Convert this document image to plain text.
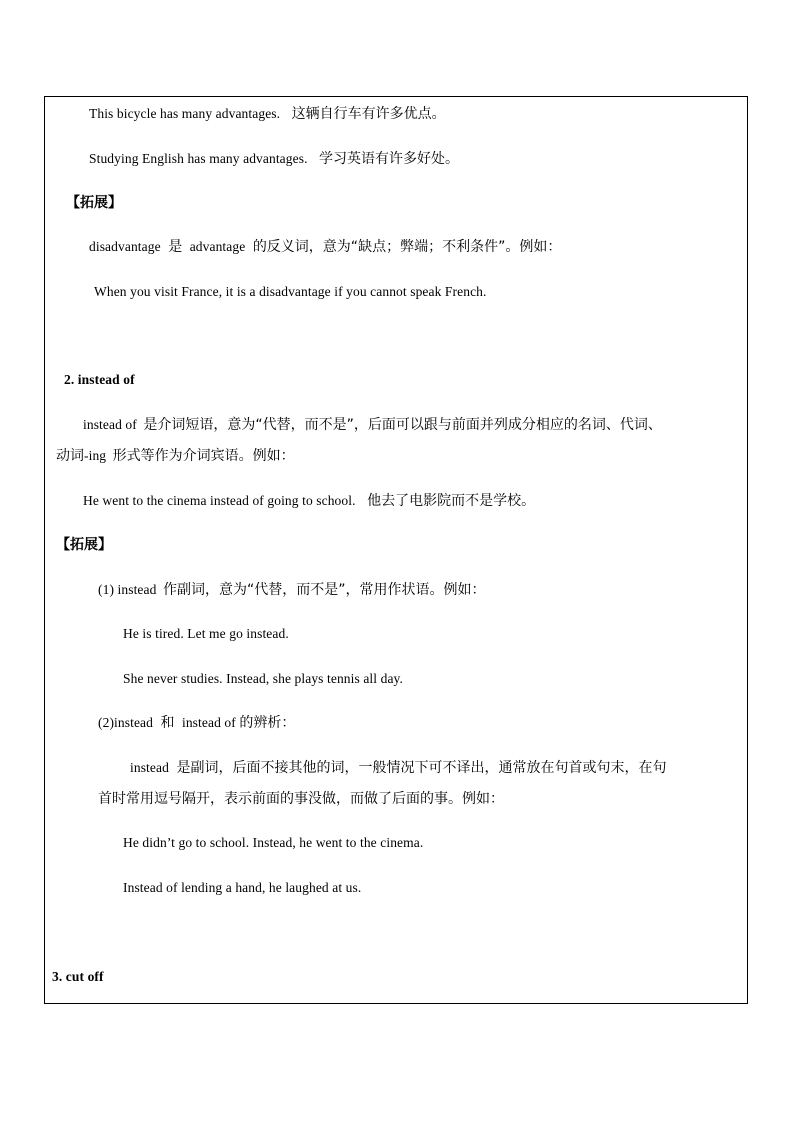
This bicycle has many advantages. 这辆自行车有许多优点。
Studying English has many advantages. 学习英语有许多好处。
【拓展】
disadvantage 是 advantage 的反义词，意为“缺点；弊端；不利条件”。例如：
When you visit France, it is a disadvantage if you cannot speak French.
2. instead of
instead of 是介词短语，意为“代替，而不是”，后面可以跟与前面并列成分相应的名词、代词、
动词-ing 形式等作为介词宾语。例如：
He went to the cinema instead of going to school. 他去了电影院而不是学校。
【拓展】
(1) instead 作副词，意为“代替，而不是”，常用作状语。例如：
He is tired. Let me go instead.
She never studies. Instead, she plays tennis all day.
(2)instead 和 instead of 的辨析：
instead 是副词，后面不接其他的词，一般情况下可不译出，通常放在句首或句末，在句
首时常用逗号隔开，表示前面的事没做，而做了后面的事。例如：
He didn’t go to school. Instead, he went to the cinema.
Instead of lending a hand, he laughed at us.
3. cut off
